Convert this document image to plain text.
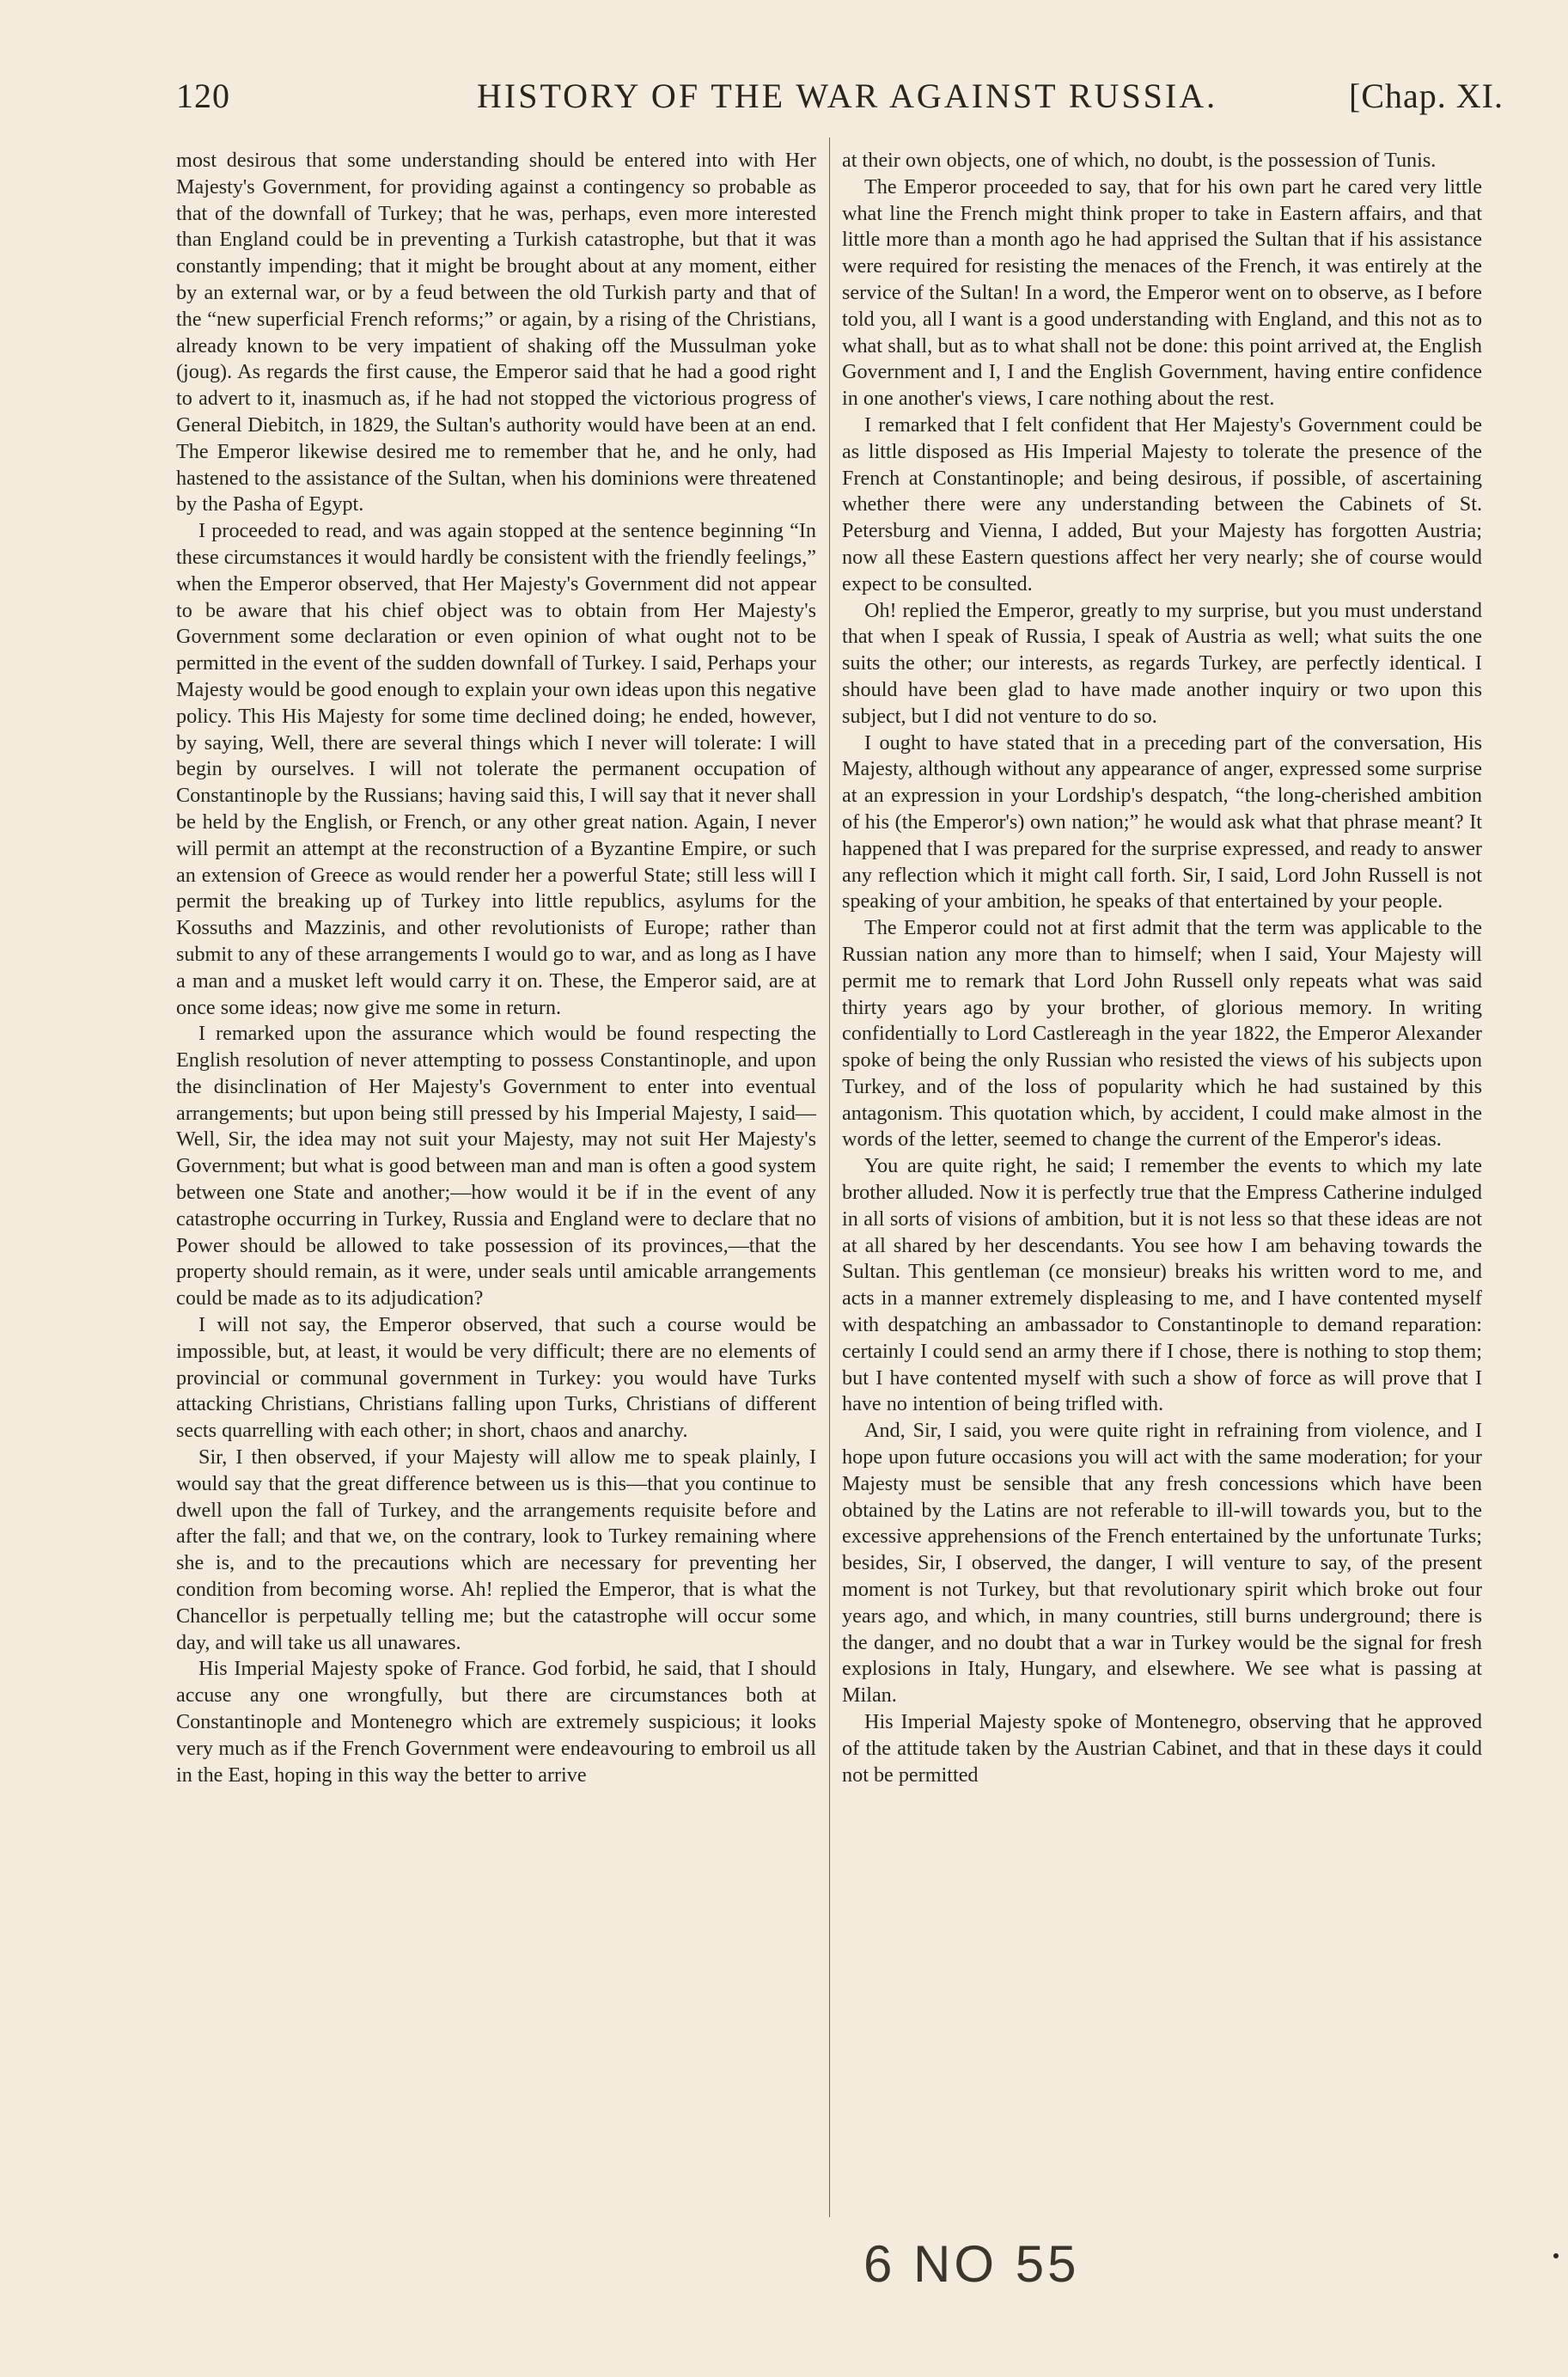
120	HISTORY OF THE WAR AGAINST RUSSIA.	[Chap. XI.

most desirous that some understanding should be entered into with Her Majesty's Government, for providing against a contingency so probable as that of the downfall of Turkey; that he was, perhaps, even more interested than England could be in preventing a Turkish catastrophe, but that it was constantly impending; that it might be brought about at any moment, either by an external war, or by a feud between the old Turkish party and that of the “new superficial French reforms;” or again, by a rising of the Christians, already known to be very impatient of shaking off the Mussulman yoke (joug). As regards the first cause, the Emperor said that he had a good right to advert to it, inasmuch as, if he had not stopped the victorious progress of General Diebitch, in 1829, the Sultan's authority would have been at an end. The Emperor likewise desired me to remember that he, and he only, had hastened to the assistance of the Sultan, when his dominions were threatened by the Pasha of Egypt.

I proceeded to read, and was again stopped at the sentence beginning “In these circumstances it would hardly be consistent with the friendly feelings,” when the Emperor observed, that Her Majesty's Government did not appear to be aware that his chief object was to obtain from Her Majesty's Government some declaration or even opinion of what ought not to be permitted in the event of the sudden downfall of Turkey. I said, Perhaps your Majesty would be good enough to explain your own ideas upon this negative policy. This His Majesty for some time declined doing; he ended, however, by saying, Well, there are several things which I never will tolerate: I will begin by ourselves. I will not tolerate the permanent occupation of Constantinople by the Russians; having said this, I will say that it never shall be held by the English, or French, or any other great nation. Again, I never will permit an attempt at the reconstruction of a Byzantine Empire, or such an extension of Greece as would render her a powerful State; still less will I permit the breaking up of Turkey into little republics, asylums for the Kossuths and Mazzinis, and other revolutionists of Europe; rather than submit to any of these arrangements I would go to war, and as long as I have a man and a musket left would carry it on. These, the Emperor said, are at once some ideas; now give me some in return.

I remarked upon the assurance which would be found respecting the English resolution of never attempting to possess Constantinople, and upon the disinclination of Her Majesty's Government to enter into eventual arrangements; but upon being still pressed by his Imperial Majesty, I said—Well, Sir, the idea may not suit your Majesty, may not suit Her Majesty's Government; but what is good between man and man is often a good system between one State and another;—how would it be if in the event of any catastrophe occurring in Turkey, Russia and England were to declare that no Power should be allowed to take possession of its provinces,—that the property should remain, as it were, under seals until amicable arrangements could be made as to its adjudication?

I will not say, the Emperor observed, that such a course would be impossible, but, at least, it would be very difficult; there are no elements of provincial or communal government in Turkey: you would have Turks attacking Christians, Christians falling upon Turks, Christians of different sects quarrelling with each other; in short, chaos and anarchy.

Sir, I then observed, if your Majesty will allow me to speak plainly, I would say that the great difference between us is this—that you continue to dwell upon the fall of Turkey, and the arrangements requisite before and after the fall; and that we, on the contrary, look to Turkey remaining where she is, and to the precautions which are necessary for preventing her condition from becoming worse. Ah! replied the Emperor, that is what the Chancellor is perpetually telling me; but the catastrophe will occur some day, and will take us all unawares.

His Imperial Majesty spoke of France. God forbid, he said, that I should accuse any one wrongfully, but there are circumstances both at Constantinople and Montenegro which are extremely suspicious; it looks very much as if the French Government were endeavouring to embroil us all in the East, hoping in this way the better to arrive

at their own objects, one of which, no doubt, is the possession of Tunis.

The Emperor proceeded to say, that for his own part he cared very little what line the French might think proper to take in Eastern affairs, and that little more than a month ago he had apprised the Sultan that if his assistance were required for resisting the menaces of the French, it was entirely at the service of the Sultan! In a word, the Emperor went on to observe, as I before told you, all I want is a good understanding with England, and this not as to what shall, but as to what shall not be done: this point arrived at, the English Government and I, I and the English Government, having entire confidence in one another's views, I care nothing about the rest.

I remarked that I felt confident that Her Majesty's Government could be as little disposed as His Imperial Majesty to tolerate the presence of the French at Constantinople; and being desirous, if possible, of ascertaining whether there were any understanding between the Cabinets of St. Petersburg and Vienna, I added, But your Majesty has forgotten Austria; now all these Eastern questions affect her very nearly; she of course would expect to be consulted.

Oh! replied the Emperor, greatly to my surprise, but you must understand that when I speak of Russia, I speak of Austria as well; what suits the one suits the other; our interests, as regards Turkey, are perfectly identical. I should have been glad to have made another inquiry or two upon this subject, but I did not venture to do so.

I ought to have stated that in a preceding part of the conversation, His Majesty, although without any appearance of anger, expressed some surprise at an expression in your Lordship's despatch, “the long-cherished ambition of his (the Emperor's) own nation;” he would ask what that phrase meant? It happened that I was prepared for the surprise expressed, and ready to answer any reflection which it might call forth. Sir, I said, Lord John Russell is not speaking of your ambition, he speaks of that entertained by your people.

The Emperor could not at first admit that the term was applicable to the Russian nation any more than to himself; when I said, Your Majesty will permit me to remark that Lord John Russell only repeats what was said thirty years ago by your brother, of glorious memory. In writing confidentially to Lord Castlereagh in the year 1822, the Emperor Alexander spoke of being the only Russian who resisted the views of his subjects upon Turkey, and of the loss of popularity which he had sustained by this antagonism. This quotation which, by accident, I could make almost in the words of the letter, seemed to change the current of the Emperor's ideas.

You are quite right, he said; I remember the events to which my late brother alluded. Now it is perfectly true that the Empress Catherine indulged in all sorts of visions of ambition, but it is not less so that these ideas are not at all shared by her descendants. You see how I am behaving towards the Sultan. This gentleman (ce monsieur) breaks his written word to me, and acts in a manner extremely displeasing to me, and I have contented myself with despatching an ambassador to Constantinople to demand reparation: certainly I could send an army there if I chose, there is nothing to stop them; but I have contented myself with such a show of force as will prove that I have no intention of being trifled with.

And, Sir, I said, you were quite right in refraining from violence, and I hope upon future occasions you will act with the same moderation; for your Majesty must be sensible that any fresh concessions which have been obtained by the Latins are not referable to ill-will towards you, but to the excessive apprehensions of the French entertained by the unfortunate Turks; besides, Sir, I observed, the danger, I will venture to say, of the present moment is not Turkey, but that revolutionary spirit which broke out four years ago, and which, in many countries, still burns underground; there is the danger, and no doubt that a war in Turkey would be the signal for fresh explosions in Italy, Hungary, and elsewhere. We see what is passing at Milan.

His Imperial Majesty spoke of Montenegro, observing that he approved of the attitude taken by the Austrian Cabinet, and that in these days it could not be permitted

6 NO 55
